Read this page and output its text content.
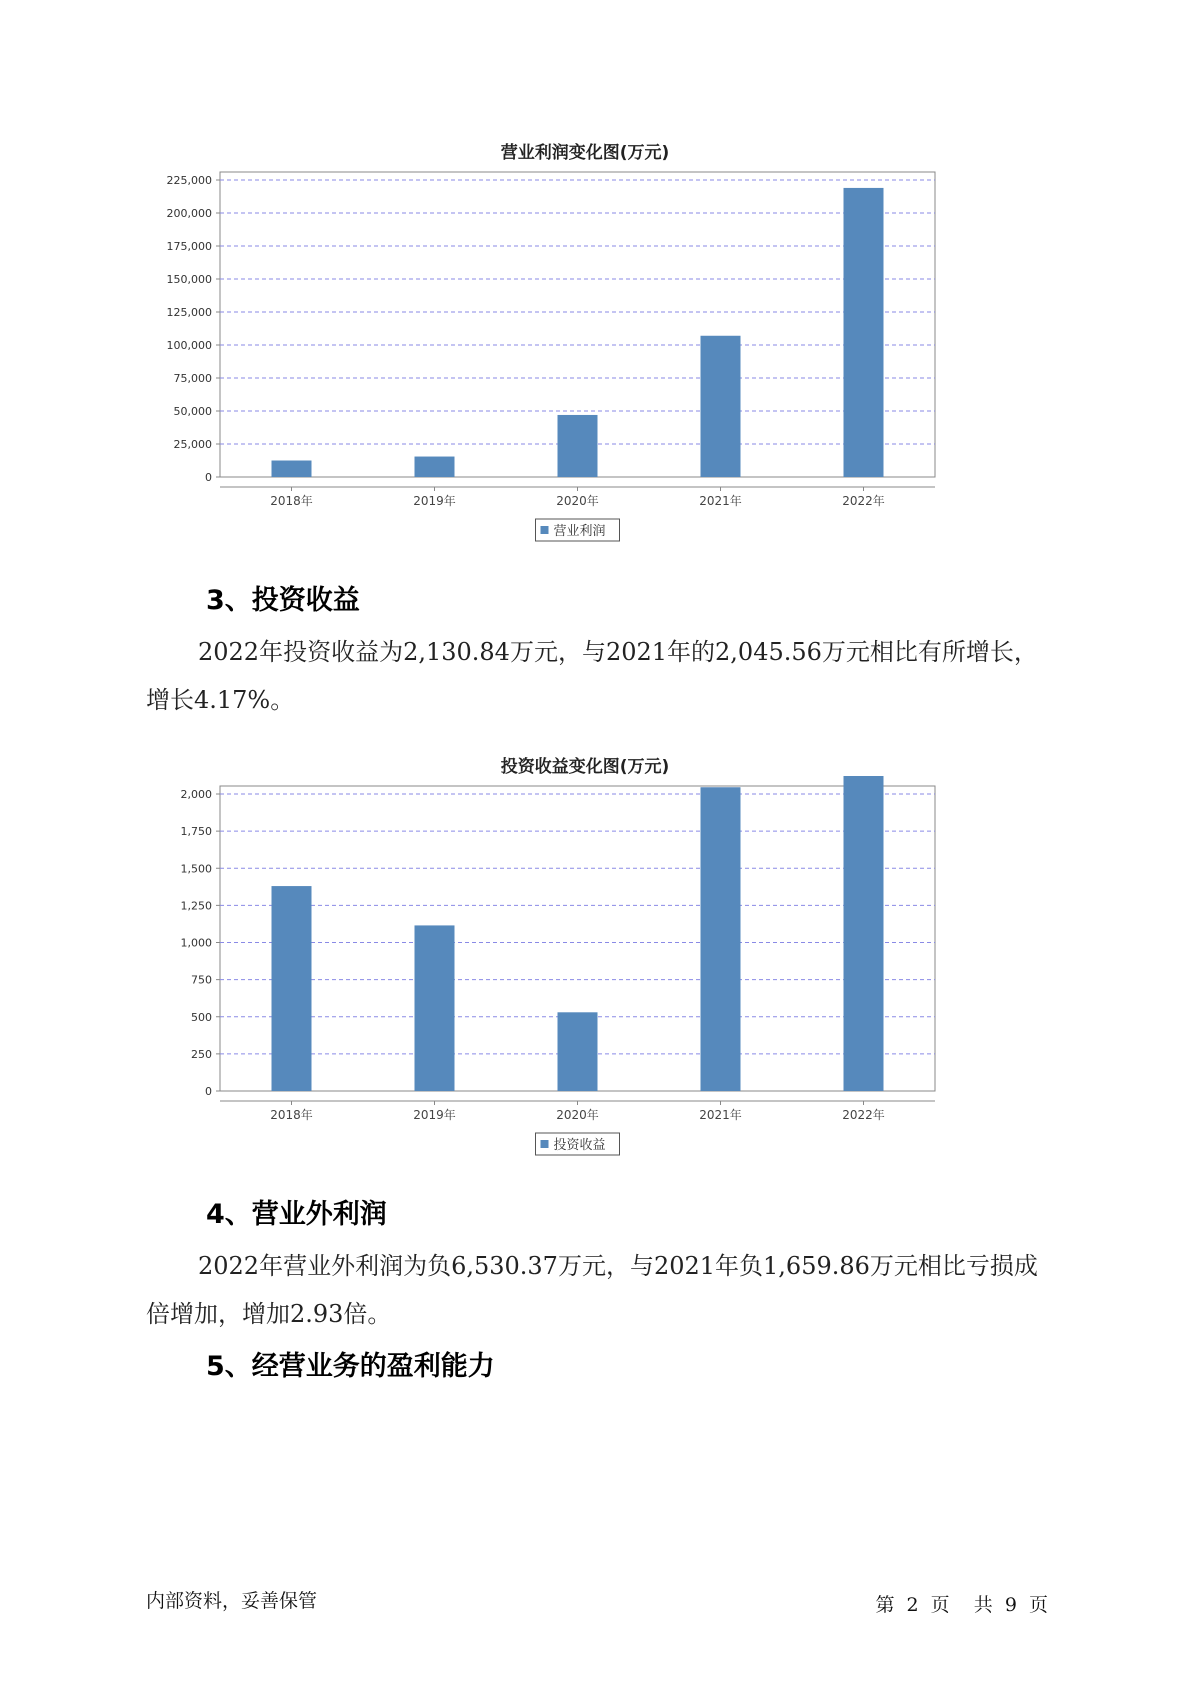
营业利润变化图(万元)
0
25,000
50,000
75,000
100,000
125,000
150,000
175,000
200,000
225,000
2018年	2019年	2020年	2021年	2022年
营业利润
3、投资收益

2022年投资收益为2,130.84万元，与2021年的2,045.56万元相比有所增长，增长4.17%。

投资收益变化图(万元)
0
250
500
750
1,000
1,250
1,500
1,750
2,000
2018年	2019年	2020年	2021年	2022年
投资收益
4、营业外利润

2022年营业外利润为负6,530.37万元，与2021年负1,659.86万元相比亏损成倍增加，增加2.93倍。

5、经营业务的盈利能力
内部资料，妥善保管	第 2 页 共 9 页
